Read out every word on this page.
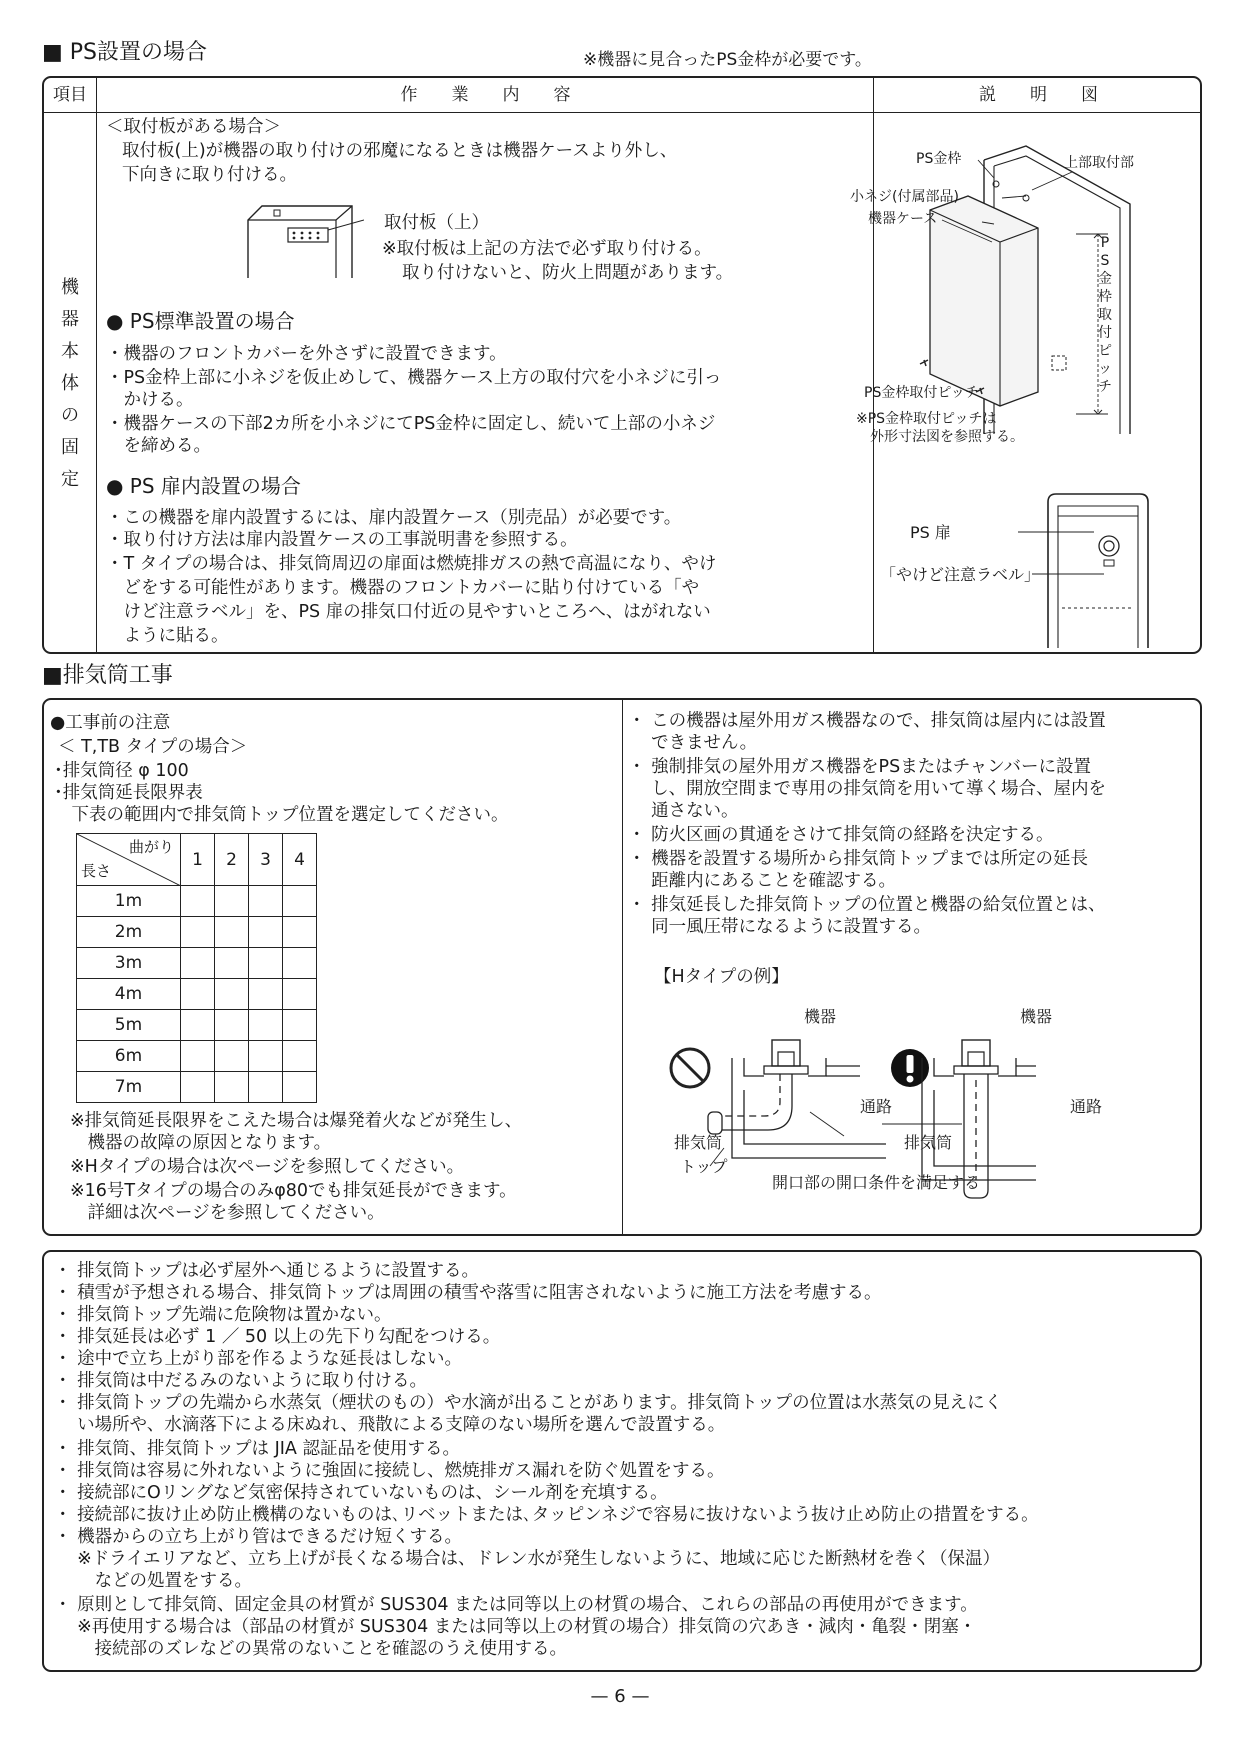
■ PS設置の場合	※機器に見合ったPS金枠が必要です。
項目	作　　業　　内　　容	説　　明　　図
機
器
本
体
の
固
定
＜取付板がある場合＞
取付板(上)が機器の取り付けの邪魔になるときは機器ケースより外し、
下向きに取り付ける。
取付板（上）
※取付板は上記の方法で必ず取り付ける。
取り付けないと、防火上問題があります。
● PS標準設置の場合
・機器のフロントカバーを外さずに設置できます。
・PS金枠上部に小ネジを仮止めして、機器ケース上方の取付穴を小ネジに引っ
　かける。
・機器ケースの下部2カ所を小ネジにてPS金枠に固定し、続いて上部の小ネジ
　を締める。
● PS 扉内設置の場合
・この機器を扉内設置するには、扉内設置ケース（別売品）が必要です。
・取り付け方法は扉内設置ケースの工事説明書を参照する。
・T タイプの場合は、排気筒周辺の扉面は燃焼排ガスの熱で高温になり、やけ
　どをする可能性があります。機器のフロントカバーに貼り付けている「や
　けど注意ラベル」を、PS 扉の排気口付近の見やすいところへ、はがれない
　ように貼る。
PS金枠	上部取付部
小ネジ(付属部品)
機器ケース
P
S
金
枠
取
付
ピ
ッ
チ
PS金枠取付ピッチ
※PS金枠取付ピッチは
外形寸法図を参照する。
PS 扉
「やけど注意ラベル」
■排気筒工事
●工事前の注意
＜ T,TB タイプの場合＞
･排気筒径 φ 100
･排気筒延長限界表
　下表の範囲内で排気筒トップ位置を選定してください。
曲がり
長さ	1	2	3	4
1m				
2m				
3m				
4m				
5m				
6m				
7m				
※排気筒延長限界をこえた場合は爆発着火などが発生し、
　機器の故障の原因となります。
※Hタイプの場合は次ページを参照してください。
※16号Tタイプの場合のみφ80でも排気延長ができます。
　詳細は次ページを参照してください。
・ この機器は屋外用ガス機器なので、排気筒は屋内には設置
　 できません。
・ 強制排気の屋外用ガス機器をPSまたはチャンバーに設置
　 し、開放空間まで専用の排気筒を用いて導く場合、屋内を
　 通さない。
・ 防火区画の貫通をさけて排気筒の経路を決定する。
・ 機器を設置する場所から排気筒トップまでは所定の延長
　 距離内にあることを確認する。
・ 排気延長した排気筒トップの位置と機器の給気位置とは、
　 同一風圧帯になるように設置する。
【Hタイプの例】
機器	機器
通路	通路
排気筒
排気筒
トップ
開口部の開口条件を満足する
・ 排気筒トップは必ず屋外へ通じるように設置する。
・ 積雪が予想される場合、排気筒トップは周囲の積雪や落雪に阻害されないように施工方法を考慮する。
・ 排気筒トップ先端に危険物は置かない。
・ 排気延長は必ず 1 ／ 50 以上の先下り勾配をつける。
・ 途中で立ち上がり部を作るような延長はしない。
・ 排気筒は中だるみのないように取り付ける。
・ 排気筒トップの先端から水蒸気（煙状のもの）や水滴が出ることがあります。排気筒トップの位置は水蒸気の見えにく
　 い場所や、水滴落下による床ぬれ、飛散による支障のない場所を選んで設置する。
・ 排気筒、排気筒トップは JIA 認証品を使用する。
・ 排気筒は容易に外れないように強固に接続し、燃焼排ガス漏れを防ぐ処置をする。
・ 接続部にOリングなど気密保持されていないものは、シール剤を充填する。
・ 接続部に抜け止め防止機構のないものは､リベットまたは､タッピンネジで容易に抜けないよう抜け止め防止の措置をする。
・ 機器からの立ち上がり管はできるだけ短くする。
　 ※ドライエリアなど、立ち上げが長くなる場合は、ドレン水が発生しないように、地域に応じた断熱材を巻く（保温）
　　 などの処置をする。
・ 原則として排気筒、固定金具の材質が SUS304 または同等以上の材質の場合、これらの部品の再使用ができます。
　 ※再使用する場合は（部品の材質が SUS304 または同等以上の材質の場合）排気筒の穴あき・減肉・亀裂・閉塞・
　　 接続部のズレなどの異常のないことを確認のうえ使用する。
— 6 —
